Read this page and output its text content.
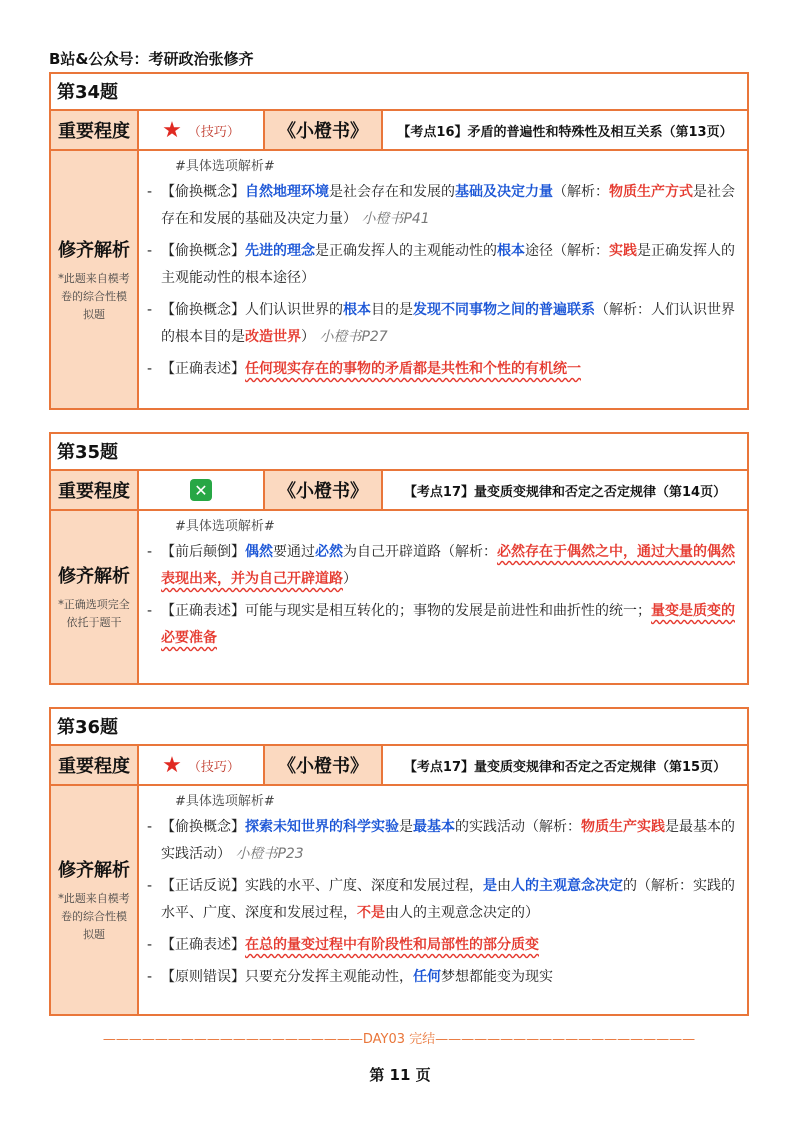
B站&公众号：考研政治张修齐
第34题
重要程度	★ （技巧）	《小橙书》	【考点16】矛盾的普遍性和特殊性及相互关系（第13页）
修齐解析
*此题来自模考卷的综合性模拟题
#具体选项解析#
- 【偷换概念】自然地理环境是社会存在和发展的基础及决定力量（解析：物质生产方式是社会存在和发展的基础及决定力量） 小橙书P41
- 【偷换概念】先进的理念是正确发挥人的主观能动性的根本途径（解析：实践是正确发挥人的主观能动性的根本途径）
- 【偷换概念】人们认识世界的根本目的是发现不同事物之间的普遍联系（解析：人们认识世界的根本目的是改造世界） 小橙书P27
- 【正确表述】任何现实存在的事物的矛盾都是共性和个性的有机统一
第35题
重要程度	✕	《小橙书》	【考点17】量变质变规律和否定之否定规律（第14页）
修齐解析
*正确选项完全依托于题干
#具体选项解析#
- 【前后颠倒】偶然要通过必然为自己开辟道路（解析：必然存在于偶然之中，通过大量的偶然表现出来，并为自己开辟道路）
- 【正确表述】可能与现实是相互转化的；事物的发展是前进性和曲折性的统一；量变是质变的必要准备
第36题
重要程度	★ （技巧）	《小橙书》	【考点17】量变质变规律和否定之否定规律（第15页）
修齐解析
*此题来自模考卷的综合性模拟题
#具体选项解析#
- 【偷换概念】探索未知世界的科学实验是最基本的实践活动（解析：物质生产实践是最基本的实践活动） 小橙书P23
- 【正话反说】实践的水平、广度、深度和发展过程，是由人的主观意念决定的（解析：实践的水平、广度、深度和发展过程，不是由人的主观意念决定的）
- 【正确表述】在总的量变过程中有阶段性和局部性的部分质变
- 【原则错误】只要充分发挥主观能动性，任何梦想都能变为现实
————————————————————DAY03 完结————————————————————
第 11 页
